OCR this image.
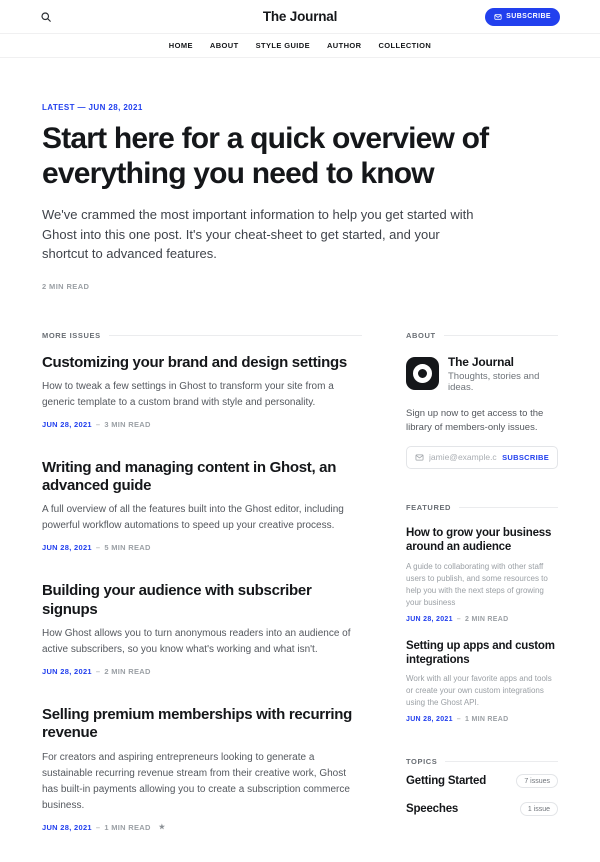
The Journal	SUBSCRIBE
HOME ABOUT STYLE GUIDE AUTHOR COLLECTION
LATEST — JUN 28, 2021
Start here for a quick overview of everything you need to know

We've crammed the most important information to help you get started with Ghost into this one post. It's your cheat-sheet to get started, and your shortcut to advanced features.

2 MIN READ
MORE ISSUES
Customizing your brand and design settings

How to tweak a few settings in Ghost to transform your site from a generic template to a custom brand with style and personality.

JUN 28, 2021 – 3 MIN READ
Writing and managing content in Ghost, an advanced guide

A full overview of all the features built into the Ghost editor, including powerful workflow automations to speed up your creative process.

JUN 28, 2021 – 5 MIN READ
Building your audience with subscriber signups

How Ghost allows you to turn anonymous readers into an audience of active subscribers, so you know what's working and what isn't.

JUN 28, 2021 – 2 MIN READ
Selling premium memberships with recurring revenue

For creators and aspiring entrepreneurs looking to generate a sustainable recurring revenue stream from their creative work, Ghost has built-in payments allowing you to create a subscription commerce business.

JUN 28, 2021 – 1 MIN READ ★
ABOUT
The Journal
Thoughts, stories and ideas.

Sign up now to get access to the library of members-only issues.

jamie@example.com
SUBSCRIBE
FEATURED
How to grow your business around an audience
A guide to collaborating with other staff users to publish, and some resources to help you with the next steps of growing your business
JUN 28, 2021 – 2 MIN READ
Setting up apps and custom integrations
Work with all your favorite apps and tools or create your own custom integrations using the Ghost API.
JUN 28, 2021 – 1 MIN READ
TOPICS
Getting Started	7 issues
Speeches	1 issue
